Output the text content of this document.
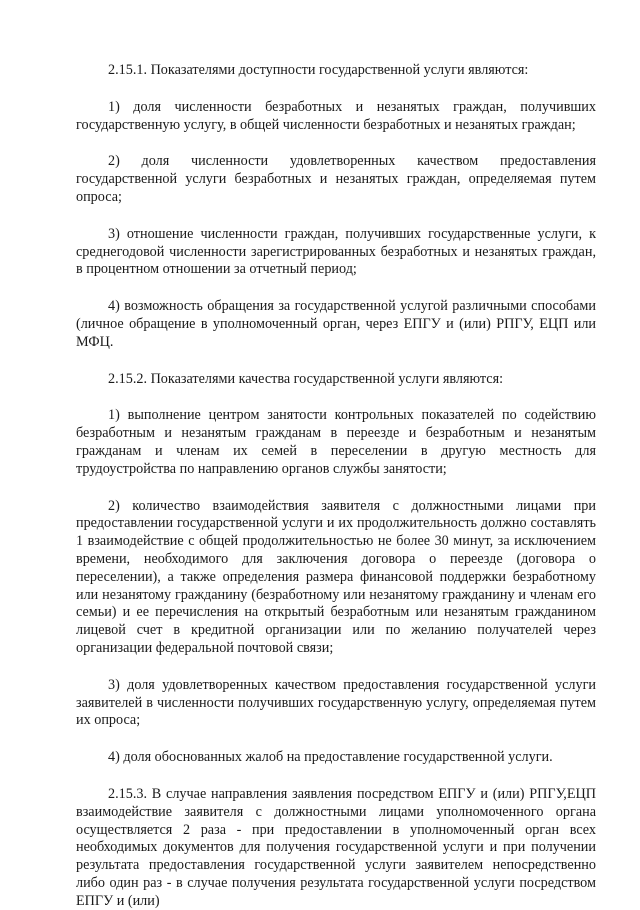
2.15.1. Показателями доступности государственной услуги являются:

1) доля численности безработных и незанятых граждан, получивших государственную услугу, в общей численности безработных и незанятых граждан;

2) доля численности удовлетворенных качеством предоставления государственной услуги безработных и незанятых граждан, определяемая путем опроса;

3) отношение численности граждан, получивших государственные услуги, к среднегодовой численности зарегистрированных безработных и незанятых граждан, в процентном отношении за отчетный период;

4) возможность обращения за государственной услугой различными способами (личное обращение в уполномоченный орган, через ЕПГУ и (или) РПГУ, ЕЦП или МФЦ.

2.15.2. Показателями качества государственной услуги являются:

1) выполнение центром занятости контрольных показателей по содействию безработным и незанятым гражданам в переезде и безработным и незанятым гражданам и членам их семей в переселении в другую местность для трудоустройства по направлению органов службы занятости;

2) количество взаимодействия заявителя с должностными лицами при предоставлении государственной услуги и их продолжительность должно составлять 1 взаимодействие с общей продолжительностью не более 30 минут, за исключением времени, необходимого для заключения договора о переезде (договора о переселении), а также определения размера финансовой поддержки безработному или незанятому гражданину (безработному или незанятому гражданину и членам его семьи) и ее перечисления на открытый безработным или незанятым гражданином лицевой счет в кредитной организации или по желанию получателей через организации федеральной почтовой связи;

3) доля удовлетворенных качеством предоставления государственной услуги заявителей в численности получивших государственную услугу, определяемая путем их опроса;

4) доля обоснованных жалоб на предоставление государственной услуги.

2.15.3. В случае направления заявления посредством ЕПГУ и (или) РПГУ,ЕЦП взаимодействие заявителя с должностными лицами уполномоченного органа осуществляется 2 раза - при предоставлении в уполномоченный орган всех необходимых документов для получения государственной услуги и при получении результата предоставления государственной услуги заявителем непосредственно либо один раз - в случае получения результата государственной услуги посредством ЕПГУ и (или)
